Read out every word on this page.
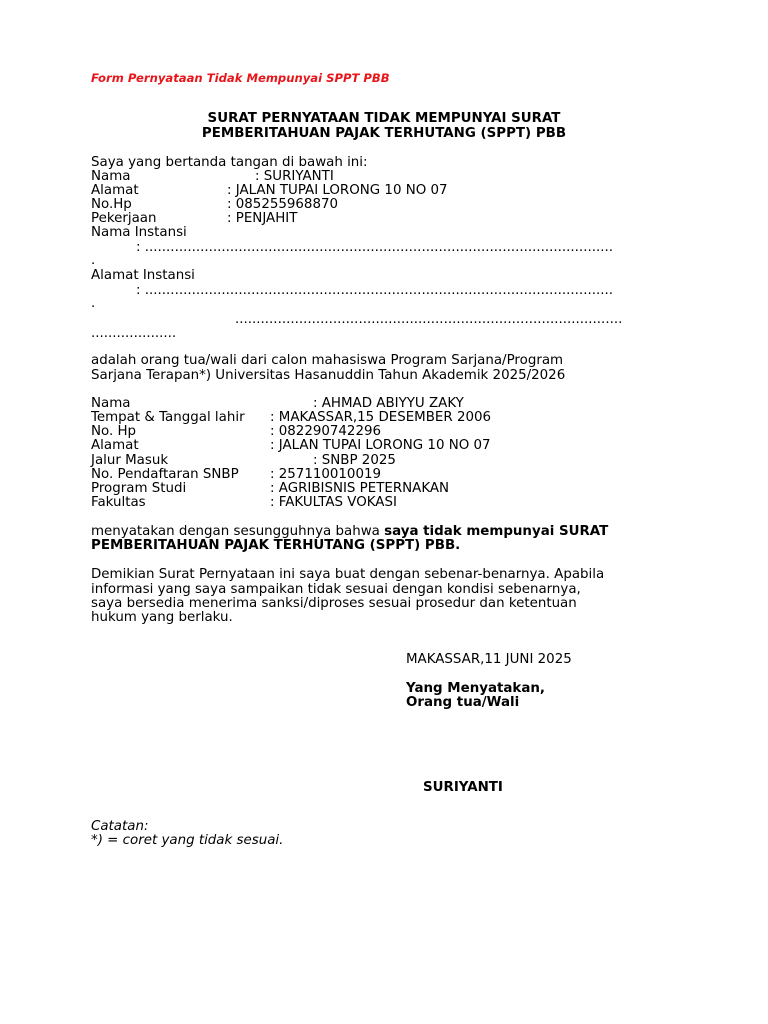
Form Pernyataan Tidak Mempunyai SPPT PBB
SURAT PERNYATAAN TIDAK MEMPUNYAI SURAT
PEMBERITAHUAN PAJAK TERHUTANG (SPPT) PBB
Saya yang bertanda tangan di bawah ini:
Nama	: SURIYANTI
Alamat	: JALAN TUPAI LORONG 10 NO 07
No.Hp	: 085255968870
Pekerjaan	: PENJAHIT
Nama Instansi
: ..............................................................................................................
.
Alamat Instansi
: ..............................................................................................................
.
...........................................................................................
....................
adalah orang tua/wali dari calon mahasiswa Program Sarjana/Program
Sarjana Terapan*) Universitas Hasanuddin Tahun Akademik 2025/2026
Nama	: AHMAD ABIYYU ZAKY
Tempat & Tanggal lahir : MAKASSAR,15 DESEMBER 2006
No. Hp	: 082290742296
Alamat	: JALAN TUPAI LORONG 10 NO 07
Jalur Masuk	: SNBP 2025
No. Pendaftaran SNBP : 257110010019
Program Studi	: AGRIBISNIS PETERNAKAN
Fakultas	: FAKULTAS VOKASI
menyatakan dengan sesungguhnya bahwa saya tidak mempunyai SURAT
PEMBERITAHUAN PAJAK TERHUTANG (SPPT) PBB.
Demikian Surat Pernyataan ini saya buat dengan sebenar-benarnya. Apabila
informasi yang saya sampaikan tidak sesuai dengan kondisi sebenarnya,
saya bersedia menerima sanksi/diproses sesuai prosedur dan ketentuan
hukum yang berlaku.
MAKASSAR,11 JUNI 2025
Yang Menyatakan,
Orang tua/Wali
SURIYANTI
Catatan:
*) = coret yang tidak sesuai.
